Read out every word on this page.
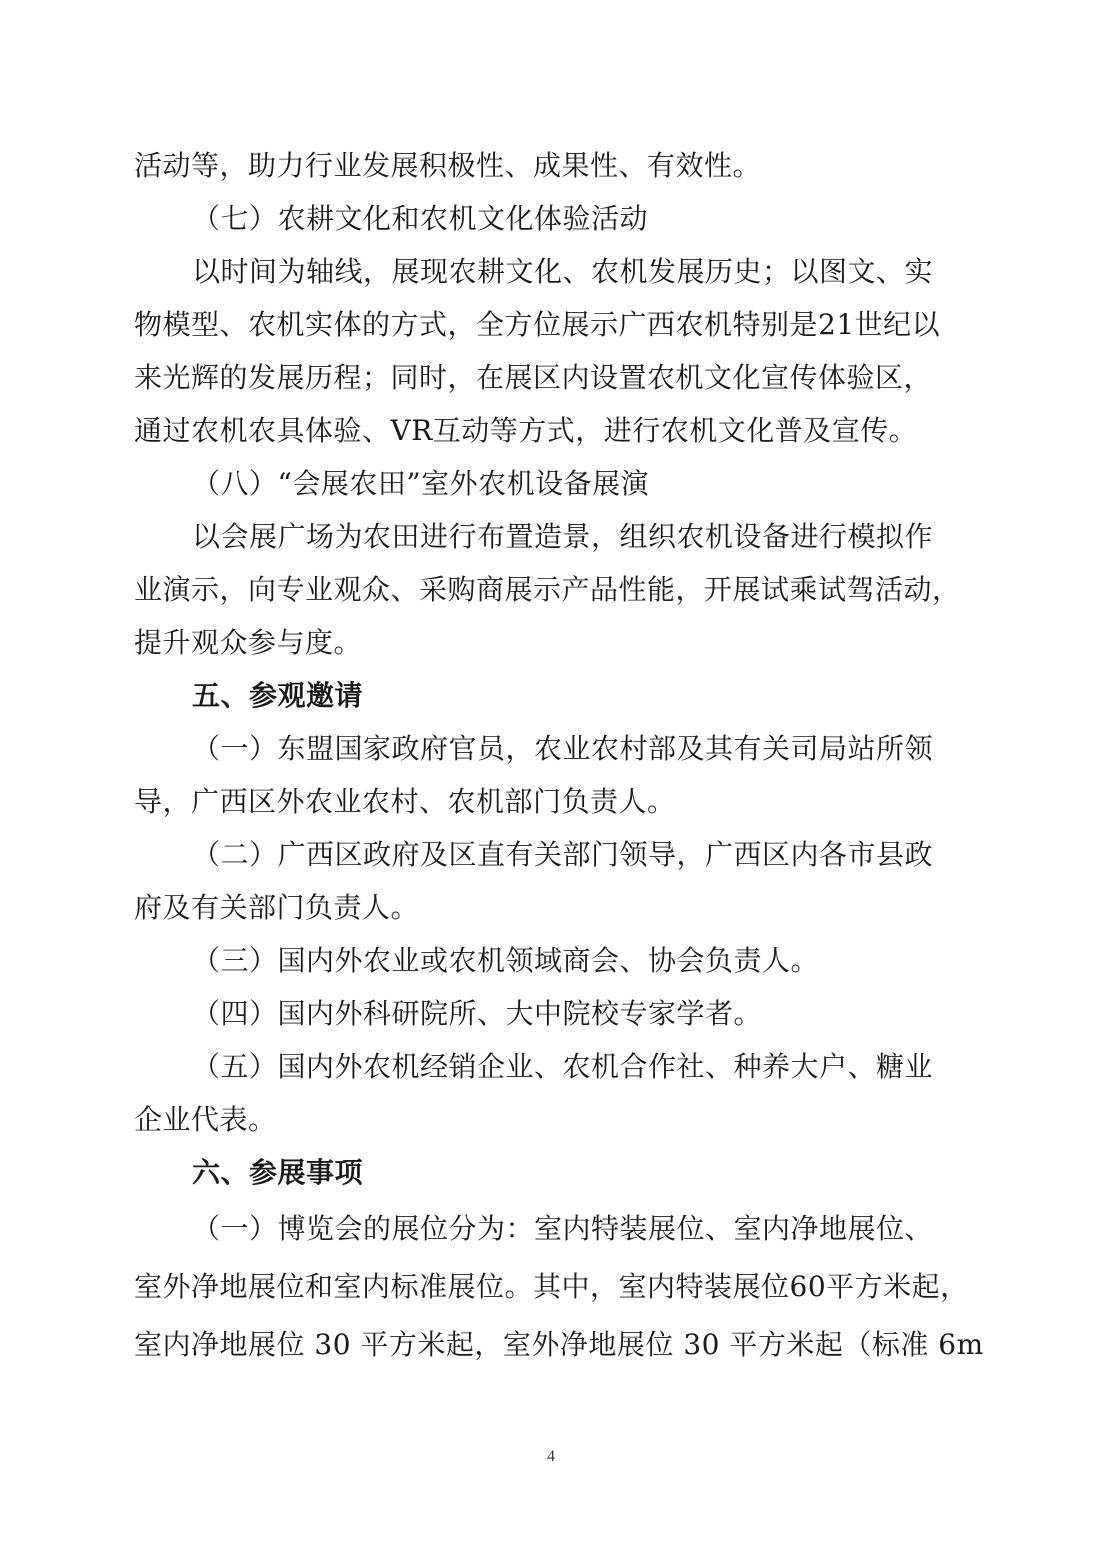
活动等，助力行业发展积极性、成果性、有效性。
（七）农耕文化和农机文化体验活动
以时间为轴线，展现农耕文化、农机发展历史；以图文、实
物模型、农机实体的方式，全方位展示广西农机特别是21世纪以
来光辉的发展历程；同时，在展区内设置农机文化宣传体验区，
通过农机农具体验、VR互动等方式，进行农机文化普及宣传。
（八）“会展农田”室外农机设备展演
以会展广场为农田进行布置造景，组织农机设备进行模拟作
业演示，向专业观众、采购商展示产品性能，开展试乘试驾活动，
提升观众参与度。
五、参观邀请
（一）东盟国家政府官员，农业农村部及其有关司局站所领
导，广西区外农业农村、农机部门负责人。
（二）广西区政府及区直有关部门领导，广西区内各市县政
府及有关部门负责人。
（三）国内外农业或农机领域商会、协会负责人。
（四）国内外科研院所、大中院校专家学者。
（五）国内外农机经销企业、农机合作社、种养大户、糖业
企业代表。
六、参展事项
（一）博览会的展位分为：室内特装展位、室内净地展位、
室外净地展位和室内标准展位。其中，室内特装展位60平方米起，
室内净地展位 30 平方米起，室外净地展位 30 平方米起（标准 6m
4
